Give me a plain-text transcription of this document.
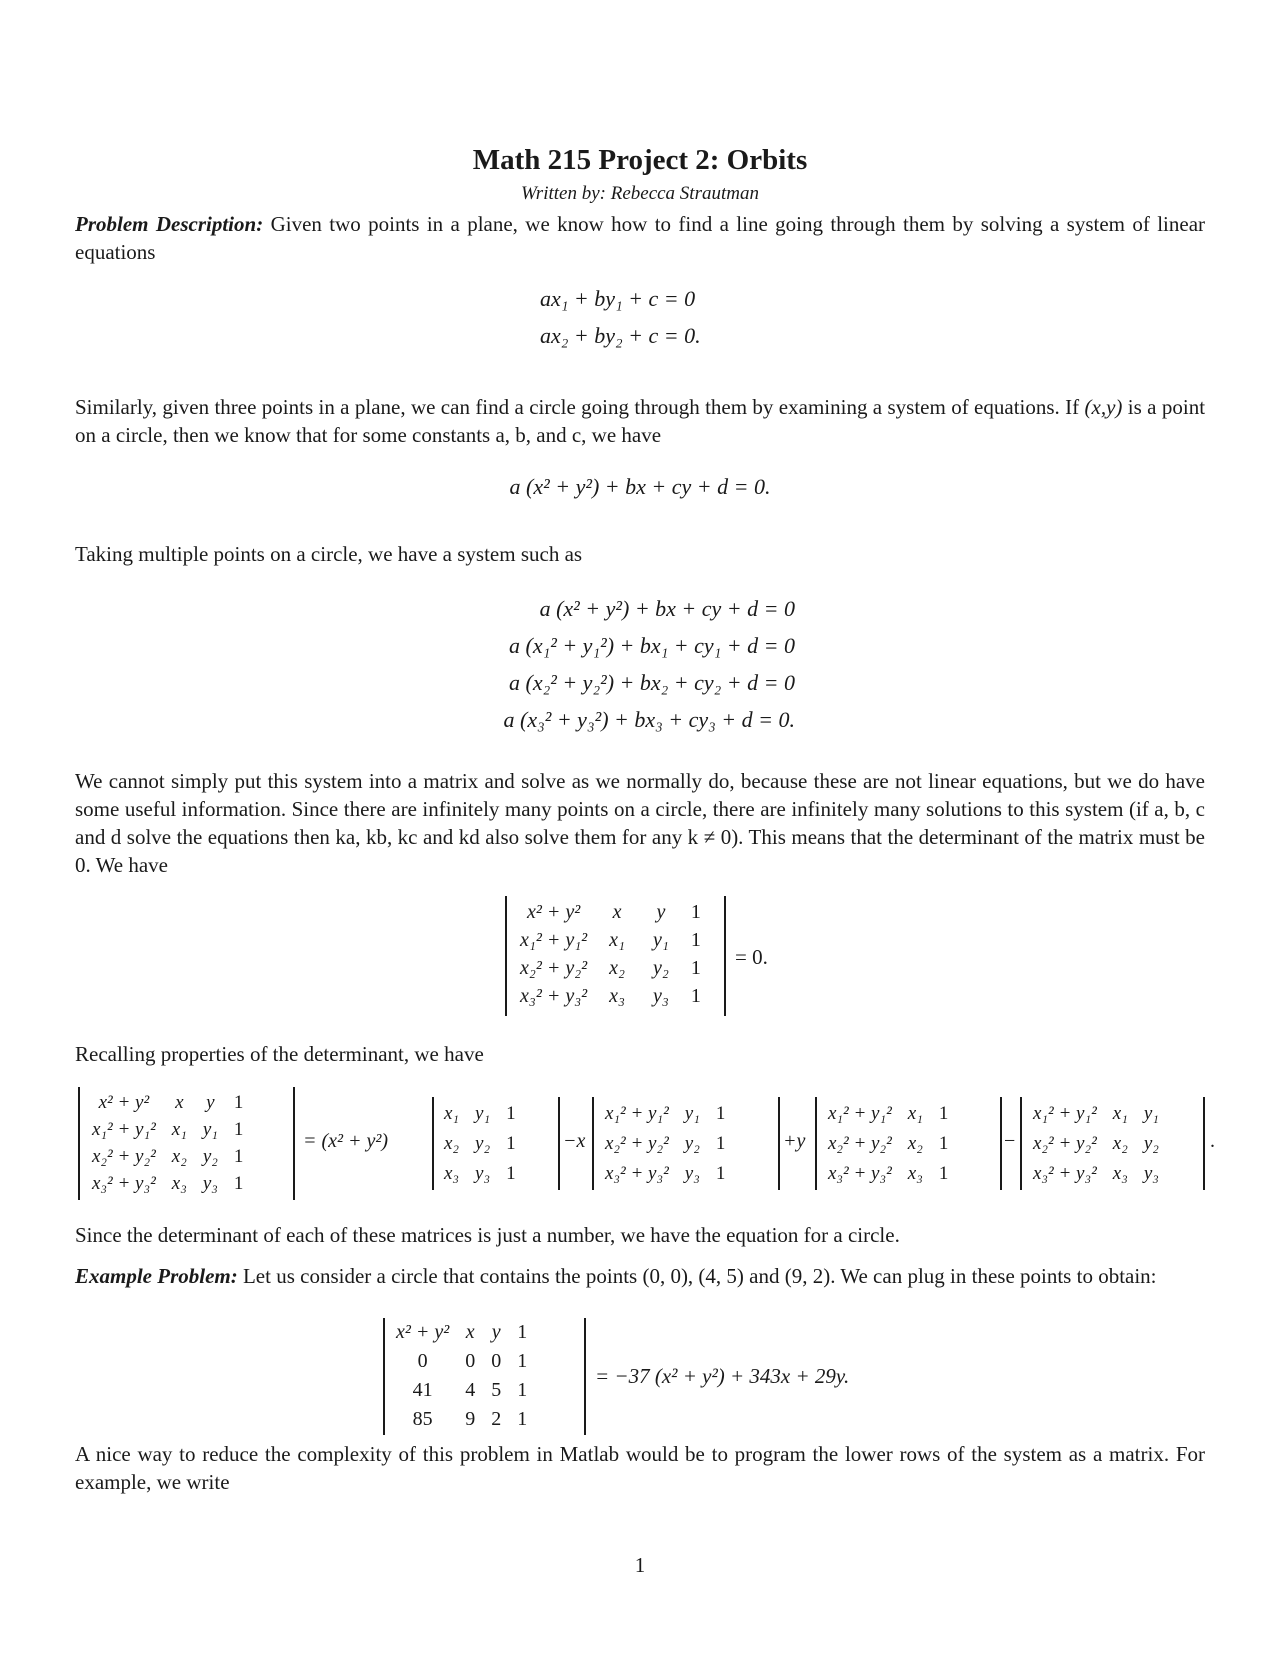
Math 215 Project 2: Orbits
Written by: Rebecca Strautman
Problem Description: Given two points in a plane, we know how to find a line going through them by solving a system of linear equations
ax₁ + by₁ + c = 0
ax₂ + by₂ + c = 0.
Similarly, given three points in a plane, we can find a circle going through them by examining a system of equations. If (x,y) is a point on a circle, then we know that for some constants a, b, and c, we have
a (x² + y²) + bx + cy + d = 0.
Taking multiple points on a circle, we have a system such as
a (x² + y²) + bx + cy + d = 0
a (x₁² + y₁²) + bx₁ + cy₁ + d = 0
a (x₂² + y₂²) + bx₂ + cy₂ + d = 0
a (x₃² + y₃²) + bx₃ + cy₃ + d = 0.
We cannot simply put this system into a matrix and solve as we normally do, because these are not linear equations, but we do have some useful information. Since there are infinitely many points on a circle, there are infinitely many solutions to this system (if a, b, c and d solve the equations then ka, kb, kc and kd also solve them for any k ≠ 0). This means that the determinant of the matrix must be 0. We have
x² + y²	x	y	1
x₁² + y₁²	x₁	y₁	1
x₂² + y₂²	x₂	y₂	1
x₃² + y₃²	x₃	y₃	1
= 0.
Recalling properties of the determinant, we have
x² + y²	x	y	1
x₁² + y₁²	x₁	y₁	1
x₂² + y₂²	x₂	y₂	1
x₃² + y₃²	x₃	y₃	1
= (x² + y²)
x₁	y₁	1
x₂	y₂	1
x₃	y₃	1
−x
x₁² + y₁²	y₁	1
x₂² + y₂²	y₂	1
x₃² + y₃²	y₃	1
+y
x₁² + y₁²	x₁	1
x₂² + y₂²	x₂	1
x₃² + y₃²	x₃	1
−
x₁² + y₁²	x₁	y₁
x₂² + y₂²	x₂	y₂
x₃² + y₃²	x₃	y₃
.
Since the determinant of each of these matrices is just a number, we have the equation for a circle.
Example Problem: Let us consider a circle that contains the points (0, 0), (4, 5) and (9, 2). We can plug in these points to obtain:
x² + y²	x	y	1
0	0	0	1
41	4	5	1
85	9	2	1
= −37 (x² + y²) + 343x + 29y.
A nice way to reduce the complexity of this problem in Matlab would be to program the lower rows of the system as a matrix. For example, we write
1
